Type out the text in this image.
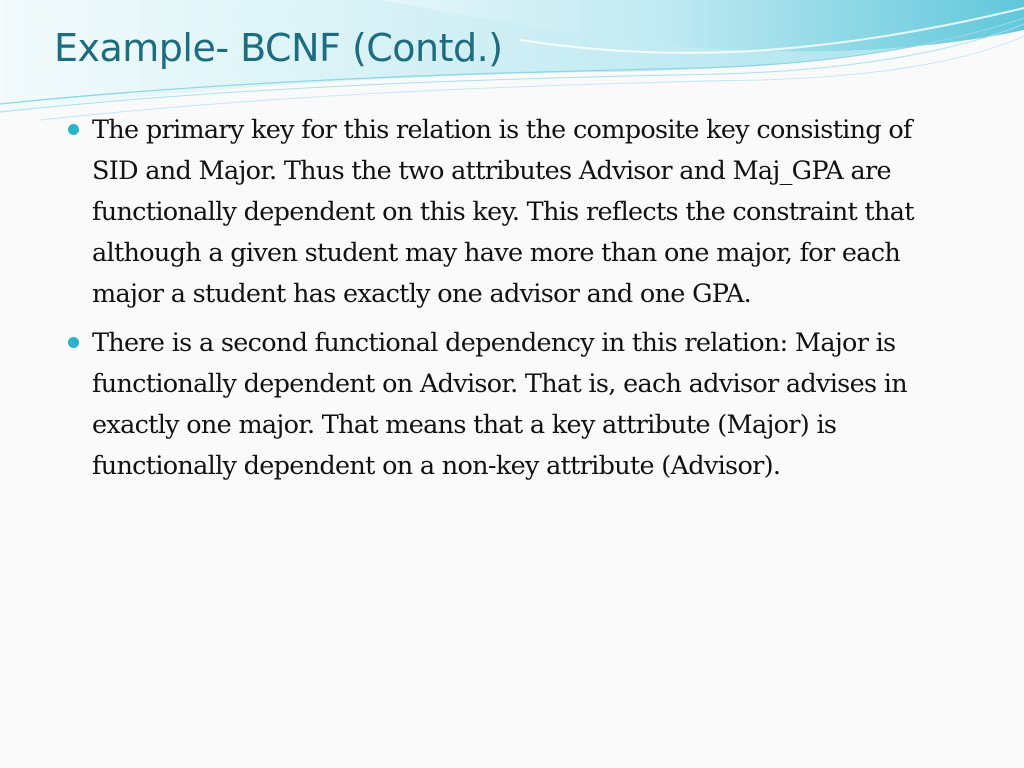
Example- BCNF (Contd.)
The primary key for this relation is the composite key consisting of SID and Major. Thus the two attributes Advisor and Maj_GPA are functionally dependent on this key. This reflects the constraint that although a given student may have more than one major, for each major a student has exactly one advisor and one GPA.
There is a second functional dependency in this relation: Major is functionally dependent on Advisor. That is, each advisor advises in exactly one major. That means that a key attribute (Major) is functionally dependent on a non-key attribute (Advisor).
